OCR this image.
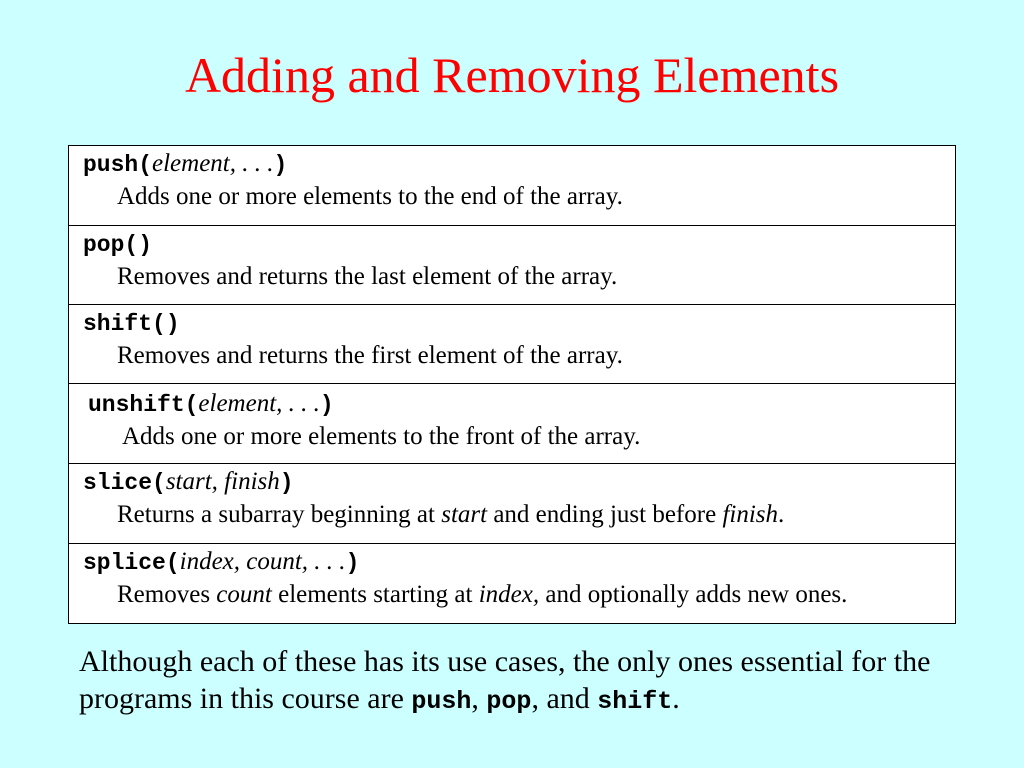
Adding and Removing Elements
push(element, . . .)
Adds one or more elements to the end of the array.
pop()
Removes and returns the last element of the array.
shift()
Removes and returns the first element of the array.
unshift(element, . . .)
Adds one or more elements to the front of the array.
slice(start, finish)
Returns a subarray beginning at start and ending just before finish.
splice(index, count, . . .)
Removes count elements starting at index, and optionally adds new ones.
Although each of these has its use cases, the only ones essential for the programs in this course are push, pop, and shift.
